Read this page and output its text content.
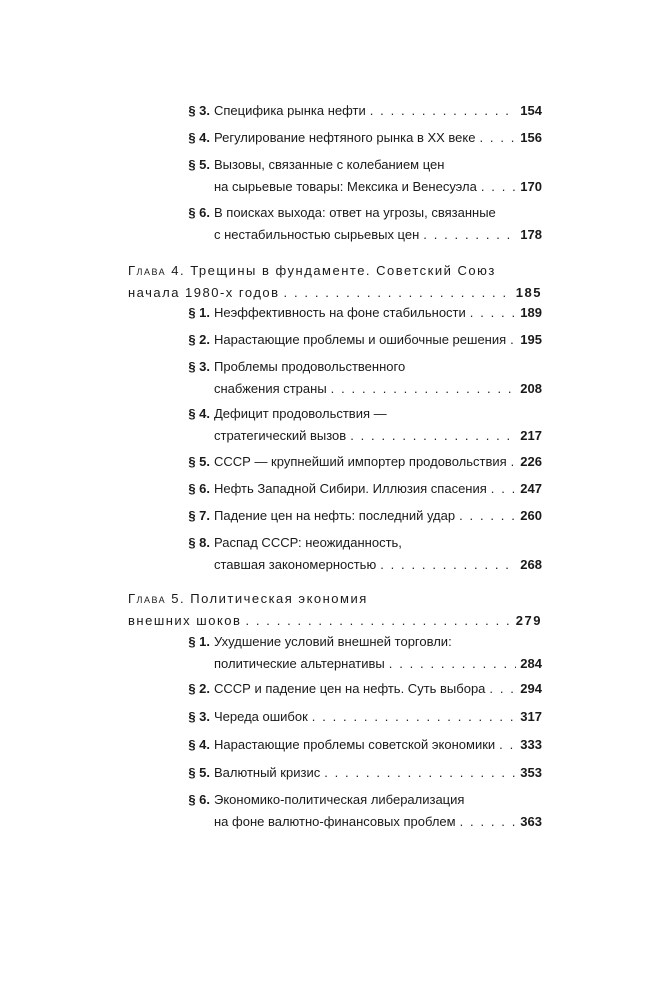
§ 3. Специфика рынка нефти . . .	154
§ 4. Регулирование нефтяного рынка в XX веке . . .	156
§ 5. Вызовы, связанные с колебанием цен
на сырьевые товары: Мексика и Венесуэла . . .	170
§ 6. В поисках выхода: ответ на угрозы, связанные
с нестабильностью сырьевых цен . . .	178
Глава 4. Трещины в фундаменте. Советский Союз
начала 1980-х годов . . .	185
§ 1. Неэффективность на фоне стабильности . . .	189
§ 2. Нарастающие проблемы и ошибочные решения . . . 195
§ 3. Проблемы продовольственного
снабжения страны . . .	208
§ 4. Дефицит продовольствия —
стратегический вызов . . .	217
§ 5. СССР — крупнейший импортер продовольствия . . . 226
§ 6. Нефть Западной Сибири. Иллюзия спасения . . .	247
§ 7. Падение цен на нефть: последний удар . . .	260
§ 8. Распад СССР: неожиданность,
ставшая закономерностью . . .	268
Глава 5. Политическая экономия
внешних шоков . . .	279
§ 1. Ухудшение условий внешней торговли:
политические альтернативы . . .	284
§ 2. СССР и падение цен на нефть. Суть выбора . . .	294
§ 3. Череда ошибок . . .	317
§ 4. Нарастающие проблемы советской экономики . . . 333
§ 5. Валютный кризис . . .	353
§ 6. Экономико-политическая либерализация
на фоне валютно-финансовых проблем . . .	363
